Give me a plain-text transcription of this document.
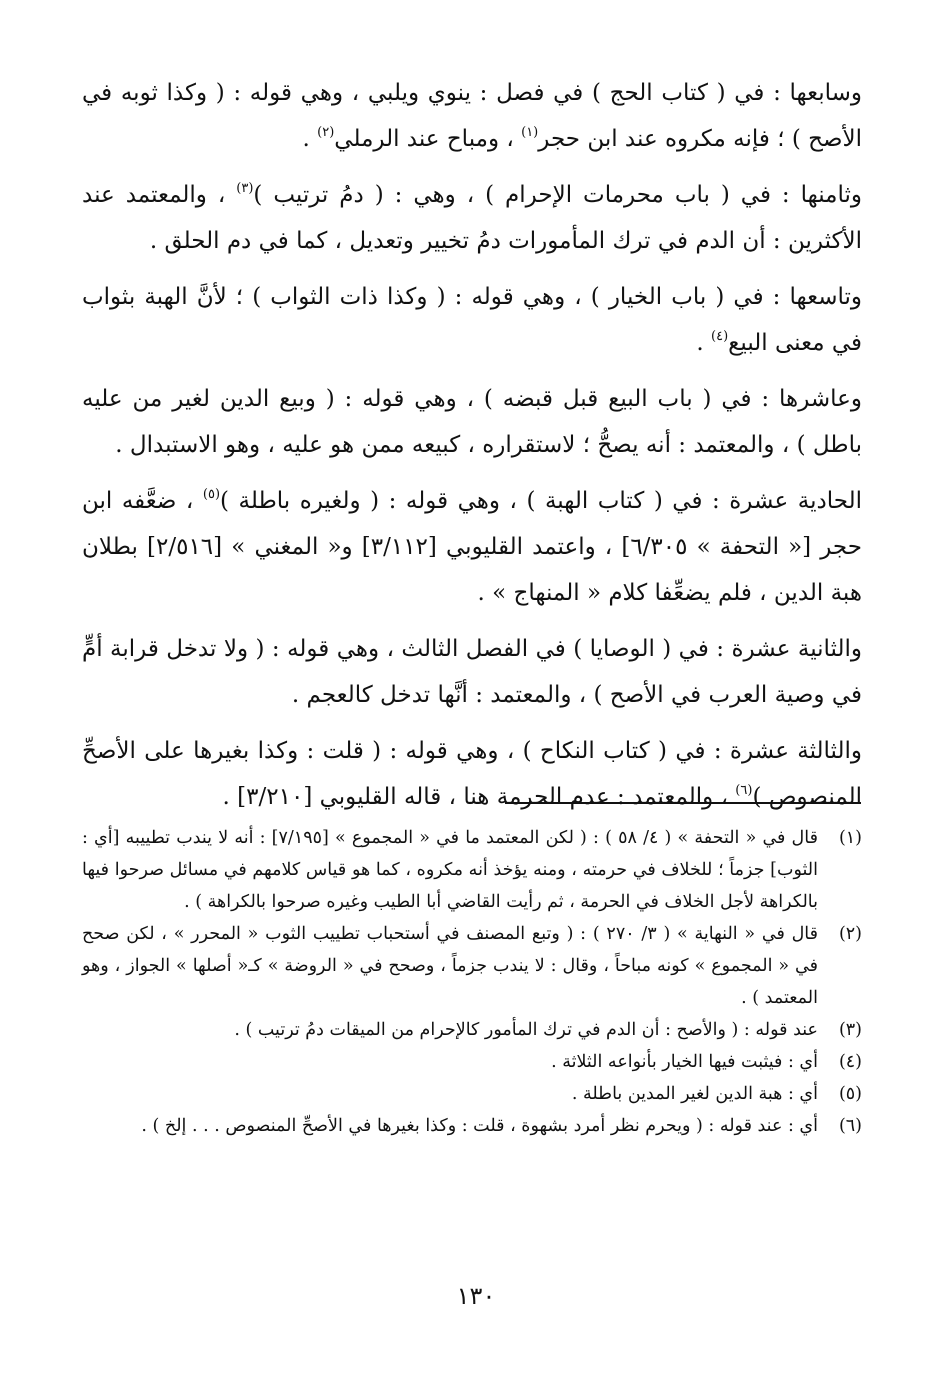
وسابعها : في ( كتاب الحج ) في فصل : ينوي ويلبي ، وهي قوله : ( وكذا ثوبه في الأصح ) ؛ فإنه مكروه عند ابن حجر$^{(١)}$ ، ومباح عند الرملي$^{(٢)}$ .

وثامنها : في ( باب محرمات الإحرام ) ، وهي : ( دمُ ترتيب )$^{(٣)}$ ، والمعتمد عند الأكثرين : أن الدم في ترك المأمورات دمُ تخيير وتعديل ، كما في دم الحلق .

وتاسعها : في ( باب الخيار ) ، وهي قوله : ( وكذا ذات الثواب ) ؛ لأنَّ الهبة بثواب في معنى البيع$^{(٤)}$ .

وعاشرها : في ( باب البيع قبل قبضه ) ، وهي قوله : ( وبيع الدين لغير من عليه باطل ) ، والمعتمد : أنه يصحُّ ؛ لاستقراره ، كبيعه ممن هو عليه ، وهو الاستبدال .

الحادية عشرة : في ( كتاب الهبة ) ، وهي قوله : ( ولغيره باطلة )$^{(٥)}$ ، ضعَّفه ابن حجر [« التحفة » ٦/٣٠٥] ، واعتمد القليوبي [٣/١١٢] و« المغني » [٢/٥١٦] بطلان هبة الدين ، فلم يضعِّفا كلام « المنهاج » .

والثانية عشرة : في ( الوصايا ) في الفصل الثالث ، وهي قوله : ( ولا تدخل قرابة أمٍّ في وصية العرب في الأصح ) ، والمعتمد : أنَّها تدخل كالعجم .

والثالثة عشرة : في ( كتاب النكاح ) ، وهي قوله : ( قلت : وكذا بغيرها على الأصحِّ المنصوص )$^{(٦)}$ ، والمعتمد : عدم الحرمة هنا ، قاله القليوبي [٣/٢١٠] .

(١)
قال في « التحفة » ( ٤/ ٥٨ ) : ( لكن المعتمد ما في « المجموع » [٧/١٩٥] : أنه لا يندب تطييبه [أي : الثوب] جزماً ؛ للخلاف في حرمته ، ومنه يؤخذ أنه مكروه ، كما هو قياس كلامهم في مسائل صرحوا فيها بالكراهة لأجل الخلاف في الحرمة ، ثم رأيت القاضي أبا الطيب وغيره صرحوا بالكراهة ) .
(٢)
قال في « النهاية » ( ٣/ ٢٧٠ ) : ( وتبع المصنف في أستحباب تطييب الثوب « المحرر » ، لكن صحح في « المجموع » كونه مباحاً ، وقال : لا يندب جزماً ، وصحح في « الروضة » كـ« أصلها » الجواز ، وهو المعتمد ) .
(٣)
عند قوله : ( والأصح : أن الدم في ترك المأمور كالإحرام من الميقات دمُ ترتيب ) .
(٤)
أي : فيثبت فيها الخيار بأنواعه الثلاثة .
(٥)
أي : هبة الدين لغير المدين باطلة .
(٦)
أي : عند قوله : ( ويحرم نظر أمرد بشهوة ، قلت : وكذا بغيرها في الأصحِّ المنصوص . . . إلخ ) .
١٣٠
